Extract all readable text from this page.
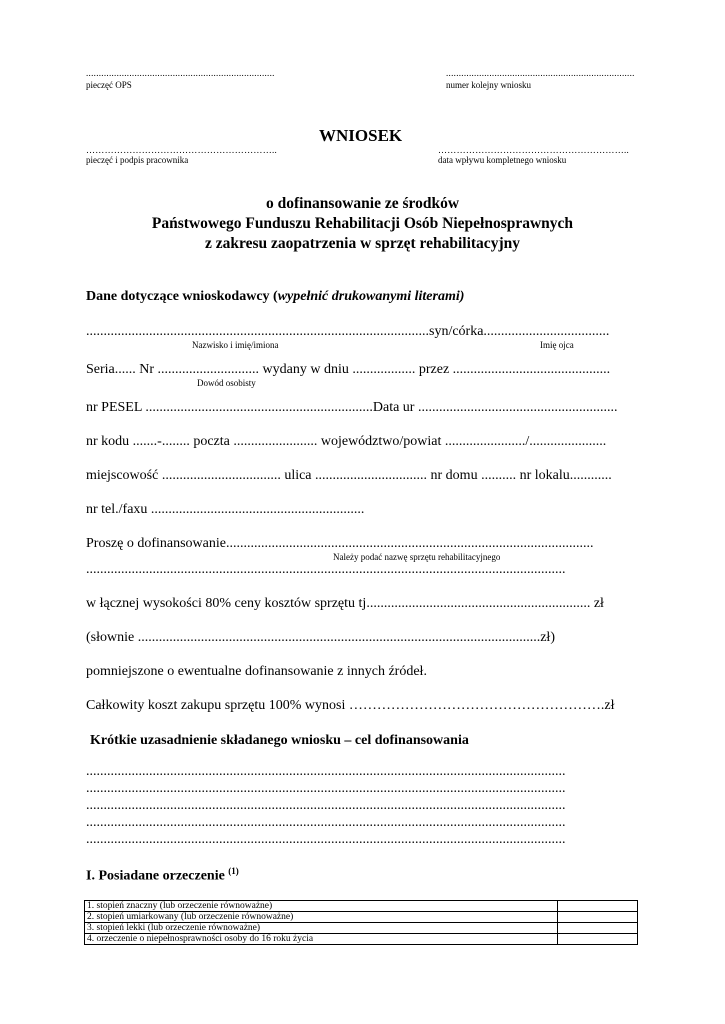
..........................................................................
pieczęć OPS
..........................................................................
numer kolejny wniosku
WNIOSEK
……………………………………………………..
pieczęć i podpis pracownika
……………………………………………………..
data wpływu kompletnego wniosku
o dofinansowanie ze środków
Państwowego Funduszu Rehabilitacji Osób Niepełnosprawnych
z zakresu zaopatrzenia w sprzęt rehabilitacyjny
Dane dotyczące wnioskodawcy (wypełnić drukowanymi literami)
..................................................................................................syn/córka....................................
Nazwisko i imię/imiona	Imię ojca
Seria...... Nr ............................. wydany w dniu .................. przez .............................................
Dowód osobisty
nr PESEL .................................................................Data ur .........................................................
nr kodu .......-........ poczta ........................ województwo/powiat ......................./......................
miejscowość .................................. ulica ................................ nr domu .......... nr lokalu............
nr tel./faxu .............................................................
Proszę o dofinansowanie.........................................................................................................
Należy podać nazwę sprzętu rehabilitacyjnego
.........................................................................................................................................
w łącznej wysokości 80% ceny kosztów sprzętu tj................................................................ zł
(słownie ...................................................................................................................zł)
pomniejszone o ewentualne dofinansowanie z innych źródeł.
Całkowity koszt zakupu sprzętu 100% wynosi ……………………………………………….zł
Krótkie uzasadnienie składanego wniosku – cel dofinansowania
.........................................................................................................................................
.........................................................................................................................................
.........................................................................................................................................
.........................................................................................................................................
.........................................................................................................................................
I. Posiadane orzeczenie $^{(1)}$
1. stopień znaczny (lub orzeczenie równoważne)	
2. stopień umiarkowany (lub orzeczenie równoważne)	
3. stopień lekki (lub orzeczenie równoważne)	
4. orzeczenie o niepełnosprawności osoby do 16 roku życia	
